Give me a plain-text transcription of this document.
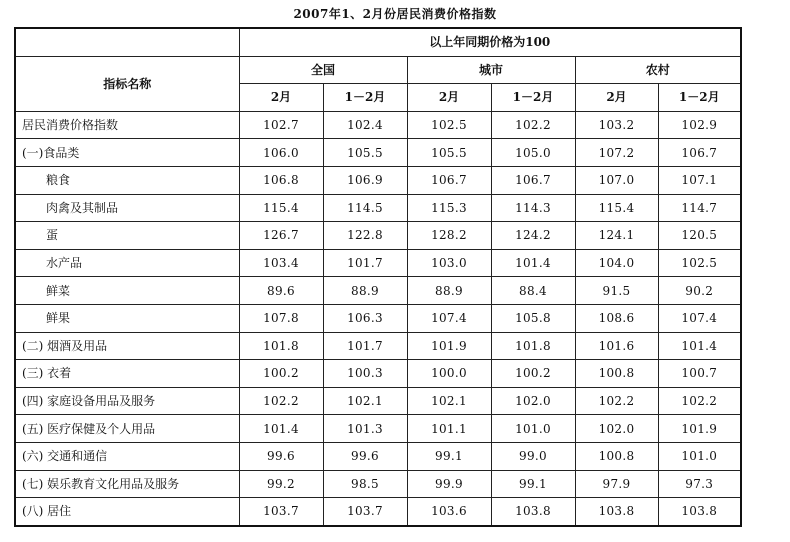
2007年1、2月份居民消费价格指数
	以上年同期价格为100					
指标名称	全国		城市		农村	
	2月	1－2月	2月	1－2月	2月	1－2月
居民消费价格指数	102.7	102.4	102.5	102.2	103.2	102.9
(一)食品类	106.0	105.5	105.5	105.0	107.2	106.7
粮食	106.8	106.9	106.7	106.7	107.0	107.1
肉禽及其制品	115.4	114.5	115.3	114.3	115.4	114.7
蛋	126.7	122.8	128.2	124.2	124.1	120.5
水产品	103.4	101.7	103.0	101.4	104.0	102.5
鲜菜	89.6	88.9	88.9	88.4	91.5	90.2
鲜果	107.8	106.3	107.4	105.8	108.6	107.4
(二) 烟酒及用品	101.8	101.7	101.9	101.8	101.6	101.4
(三) 衣着	100.2	100.3	100.0	100.2	100.8	100.7
(四) 家庭设备用品及服务	102.2	102.1	102.1	102.0	102.2	102.2
(五) 医疗保健及个人用品	101.4	101.3	101.1	101.0	102.0	101.9
(六) 交通和通信	99.6	99.6	99.1	99.0	100.8	101.0
(七) 娱乐教育文化用品及服务	99.2	98.5	99.9	99.1	97.9	97.3
(八) 居住	103.7	103.7	103.6	103.8	103.8	103.8
